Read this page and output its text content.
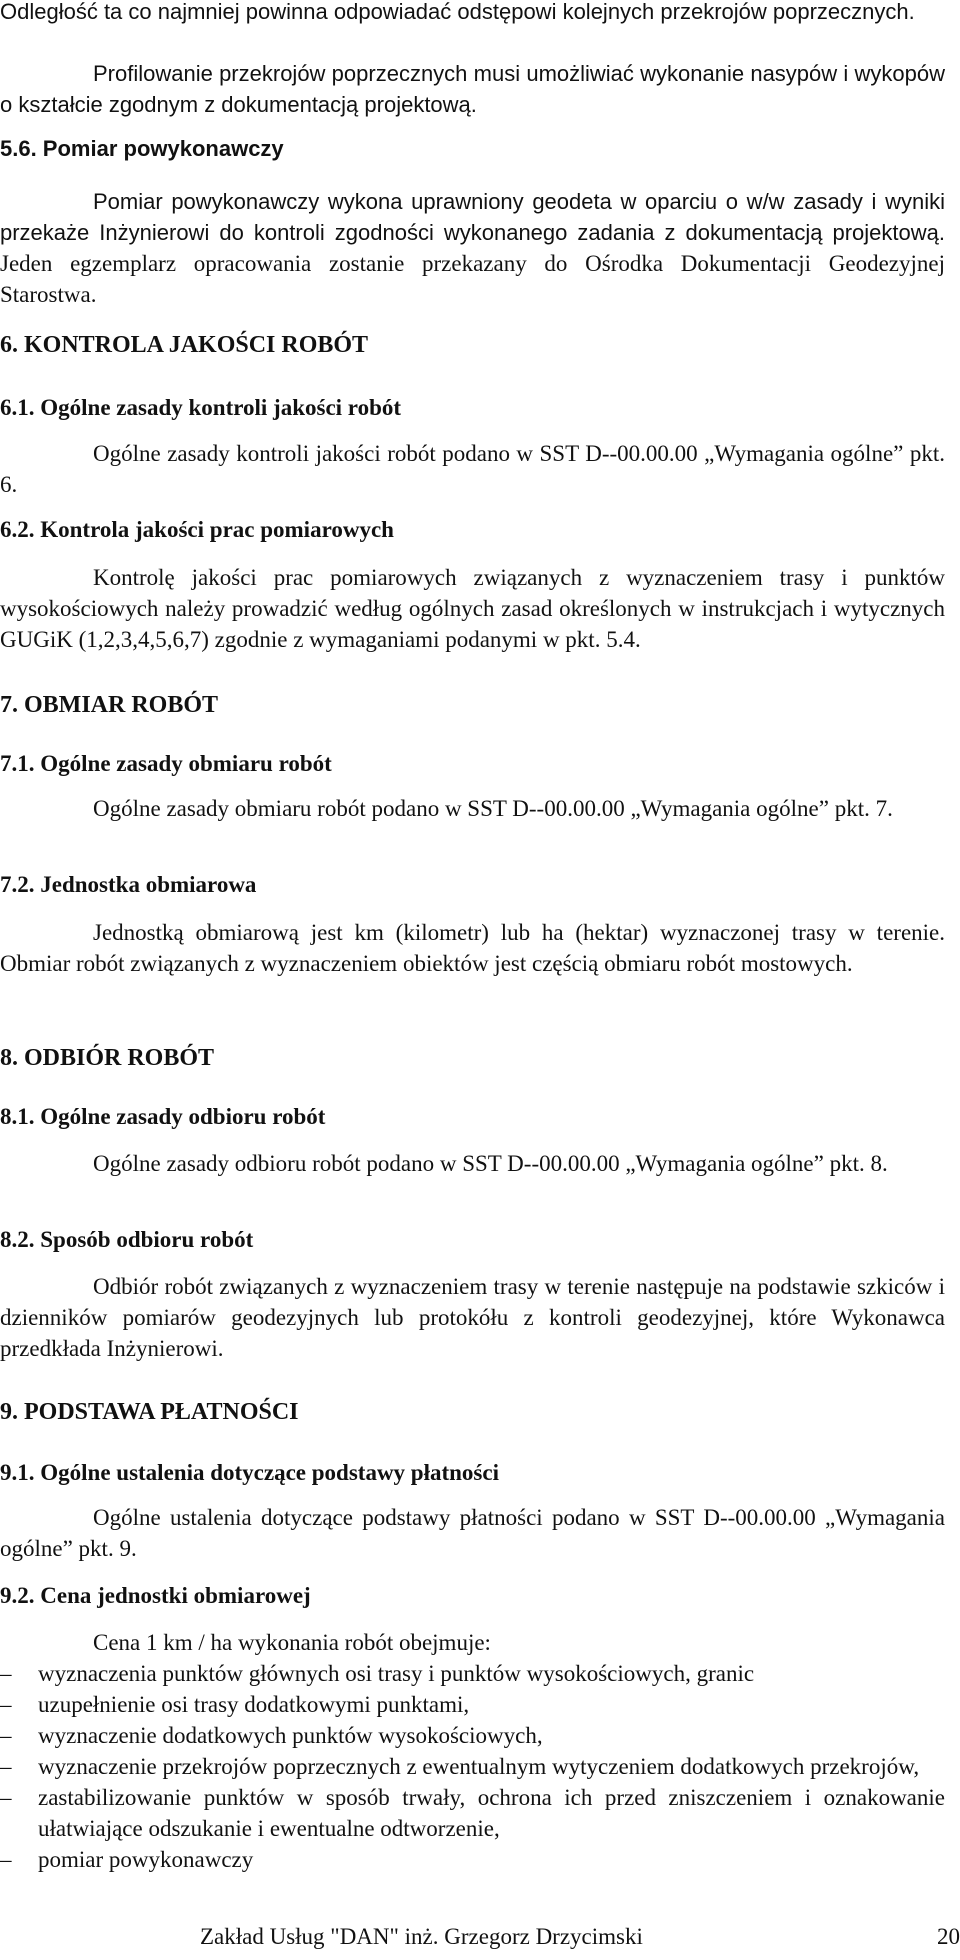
Odległość ta co najmniej powinna odpowiadać odstępowi kolejnych przekrojów poprzecznych.

Profilowanie przekrojów poprzecznych musi umożliwiać wykonanie nasypów i wykopów o kształcie zgodnym z dokumentacją projektową.

5.6. Pomiar powykonawczy

Pomiar powykonawczy wykona uprawniony geodeta w oparciu o w/w zasady i wyniki przekaże Inżynierowi do kontroli zgodności wykonanego zadania z dokumentacją projektową. Jeden egzemplarz opracowania zostanie przekazany do Ośrodka Dokumentacji Geodezyjnej Starostwa.

6. KONTROLA JAKOŚCI ROBÓT
6.1. Ogólne zasady kontroli jakości robót

Ogólne zasady kontroli jakości robót podano w SST D--00.00.00 „Wymagania ogólne” pkt. 6.

6.2. Kontrola jakości prac pomiarowych

Kontrolę jakości prac pomiarowych związanych z wyznaczeniem trasy i punktów wysokościowych należy prowadzić według ogólnych zasad określonych w instrukcjach i wytycznych GUGiK (1,2,3,4,5,6,7) zgodnie z wymaganiami podanymi w pkt. 5.4.

7. OBMIAR ROBÓT
7.1. Ogólne zasady obmiaru robót

Ogólne zasady obmiaru robót podano w SST D--00.00.00 „Wymagania ogólne” pkt. 7.

7.2. Jednostka obmiarowa

Jednostką obmiarową jest km (kilometr) lub ha (hektar) wyznaczonej trasy w terenie. Obmiar robót związanych z wyznaczeniem obiektów jest częścią obmiaru robót mostowych.

8. ODBIÓR ROBÓT
8.1. Ogólne zasady odbioru robót

Ogólne zasady odbioru robót podano w SST D--00.00.00 „Wymagania ogólne” pkt. 8.

8.2. Sposób odbioru robót

Odbiór robót związanych z wyznaczeniem trasy w terenie następuje na podstawie szkiców i dzienników pomiarów geodezyjnych lub protokółu z kontroli geodezyjnej, które Wykonawca przedkłada Inżynierowi.

9. PODSTAWA PŁATNOŚCI
9.1. Ogólne ustalenia dotyczące podstawy płatności

Ogólne ustalenia dotyczące podstawy płatności podano w SST D--00.00.00 „Wymagania ogólne” pkt. 9.

9.2. Cena jednostki obmiarowej

Cena 1 km / ha wykonania robót obejmuje:

– wyznaczenia punktów głównych osi trasy i punktów wysokościowych, granic
– uzupełnienie osi trasy dodatkowymi punktami,
– wyznaczenie dodatkowych punktów wysokościowych,
– wyznaczenie przekrojów poprzecznych z ewentualnym wytyczeniem dodatkowych przekrojów,
– zastabilizowanie punktów w sposób trwały, ochrona ich przed zniszczeniem i oznakowanie ułatwiające odszukanie i ewentualne odtworzenie,
– pomiar powykonawczy
Zakład Usług "DAN" inż. Grzegorz Drzycimski	20
